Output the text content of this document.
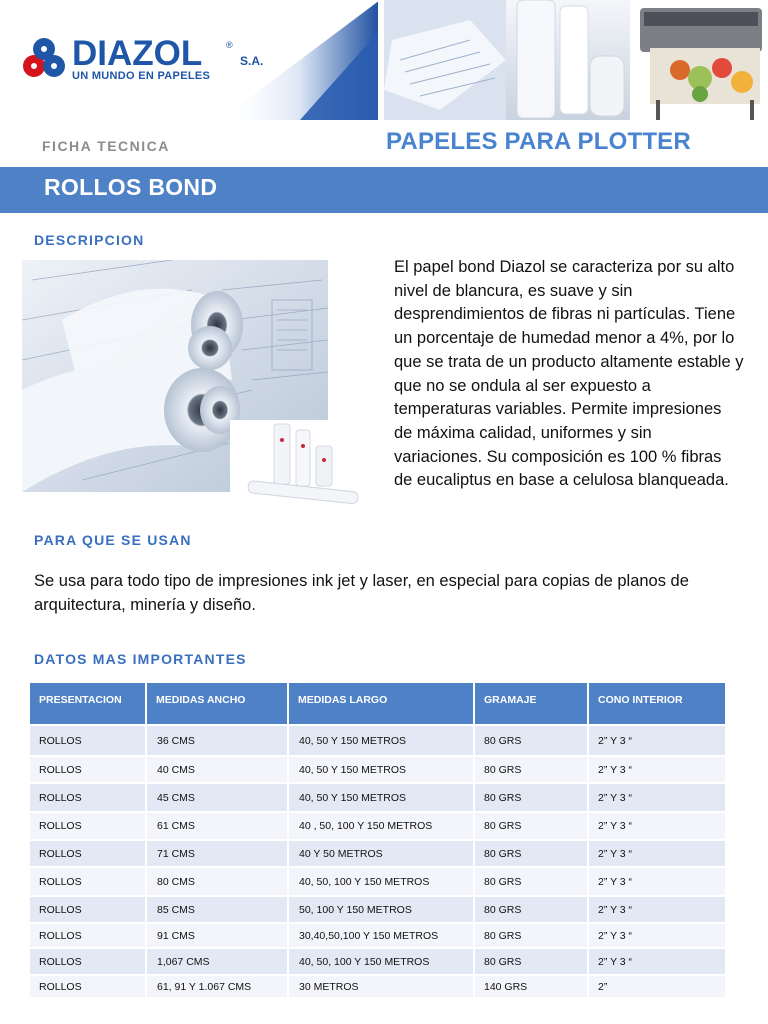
DIAZOL	®
S.A.
UN MUNDO EN PAPELES
FICHA TECNICA	PAPELES PARA PLOTTER
ROLLOS BOND
DESCRIPCION
El papel bond Diazol se caracteriza por su alto nivel de blancura, es suave y sin desprendimientos de fibras ni partículas. Tiene un porcentaje de humedad menor a 4%, por lo que se trata de un producto altamente estable y que no se ondula al ser expuesto a temperaturas variables. Permite impresiones de máxima calidad, uniformes y sin variaciones. Su composición es 100 % fibras de eucaliptus en base a celulosa blanqueada.
PARA QUE SE USAN
Se usa para todo tipo de impresiones ink jet y laser, en especial para copias de planos de arquitectura, minería y diseño.
DATOS MAS IMPORTANTES
PRESENTACION	MEDIDAS ANCHO	MEDIDAS LARGO	GRAMAJE	CONO INTERIOR
ROLLOS	36 CMS	40, 50 Y 150 METROS	80 GRS	2” Y 3 “
ROLLOS	40 CMS	40, 50 Y 150 METROS	80 GRS	2” Y 3 “
ROLLOS	45 CMS	40, 50 Y 150 METROS	80 GRS	2” Y 3 “
ROLLOS	61 CMS	40 , 50, 100 Y 150 METROS	80 GRS	2” Y 3 “
ROLLOS	71 CMS	40 Y 50 METROS	80 GRS	2” Y 3 “
ROLLOS	80 CMS	40, 50, 100 Y 150 METROS	80 GRS	2” Y 3 “
ROLLOS	85 CMS	50, 100 Y 150 METROS	80 GRS	2” Y 3 “
ROLLOS	91 CMS	30,40,50,100 Y 150 METROS	80 GRS	2” Y 3 “
ROLLOS	1,067 CMS	40, 50, 100 Y 150 METROS	80 GRS	2” Y 3 “
ROLLOS	61, 91 Y 1.067 CMS	30 METROS	140 GRS	2”
